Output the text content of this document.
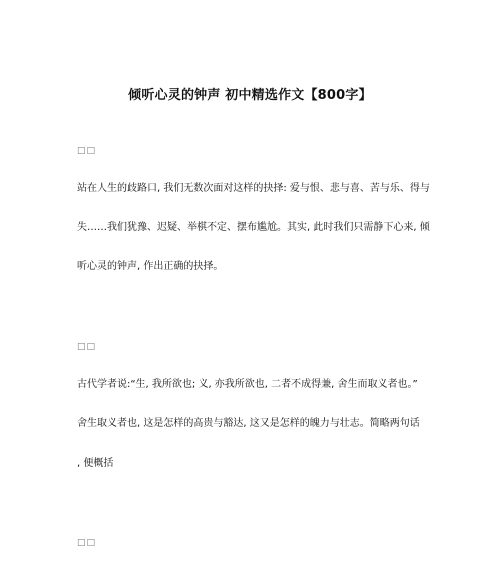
倾听心灵的钟声 初中精选作文【800字】
□□
站在人生的歧路口, 我们无数次面对这样的抉择: 爱与恨、悲与喜、苦与乐、得与
失……我们犹豫、迟疑、举棋不定、摆布尴尬。其实, 此时我们只需静下心来, 倾
听心灵的钟声, 作出正确的抉择。
□□
古代学者说:“生, 我所欲也; 义, 亦我所欲也, 二者不成得兼, 舍生而取义者也。”
舍生取义者也, 这是怎样的高贵与豁达, 这又是怎样的魄力与壮志。简略两句话
, 便概括
□□
